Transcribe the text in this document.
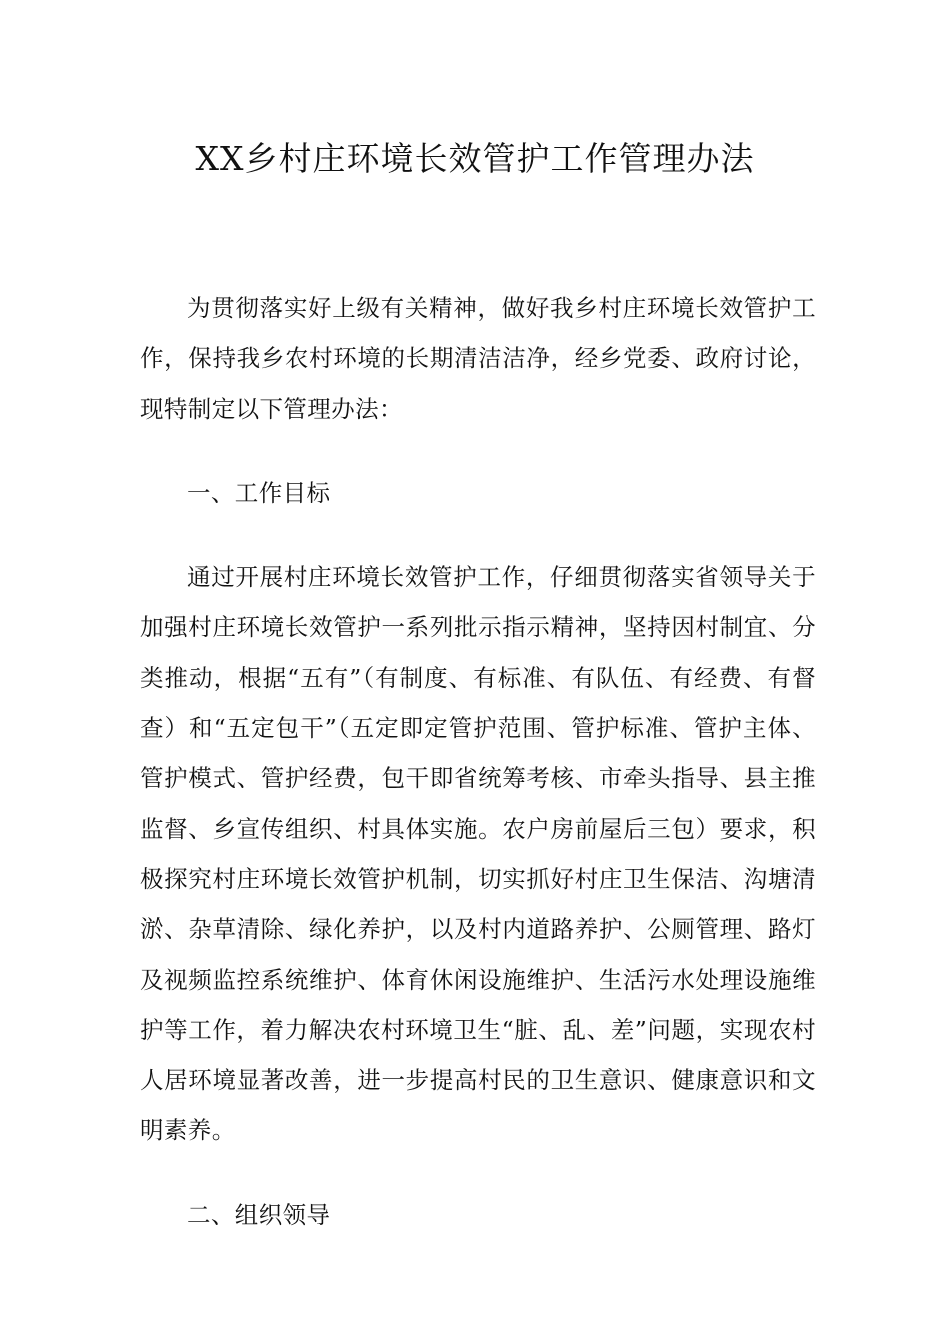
XX乡村庄环境长效管护工作管理办法

为贯彻落实好上级有关精神，做好我乡村庄环境长效管护工作，保持我乡农村环境的长期清洁洁净，经乡党委、政府讨论，现特制定以下管理办法：

一、工作目标

通过开展村庄环境长效管护工作，仔细贯彻落实省领导关于加强村庄环境长效管护一系列批示指示精神，坚持因村制宜、分类推动，根据“五有”（有制度、有标准、有队伍、有经费、有督查）和“五定包干”（五定即定管护范围、管护标准、管护主体、管护模式、管护经费，包干即省统筹考核、市牵头指导、县主推监督、乡宣传组织、村具体实施。农户房前屋后三包）要求，积极探究村庄环境长效管护机制，切实抓好村庄卫生保洁、沟塘清淤、杂草清除、绿化养护，以及村内道路养护、公厕管理、路灯及视频监控系统维护、体育休闲设施维护、生活污水处理设施维护等工作，着力解决农村环境卫生“脏、乱、差”问题，实现农村人居环境显著改善，进一步提高村民的卫生意识、健康意识和文明素养。

二、组织领导
